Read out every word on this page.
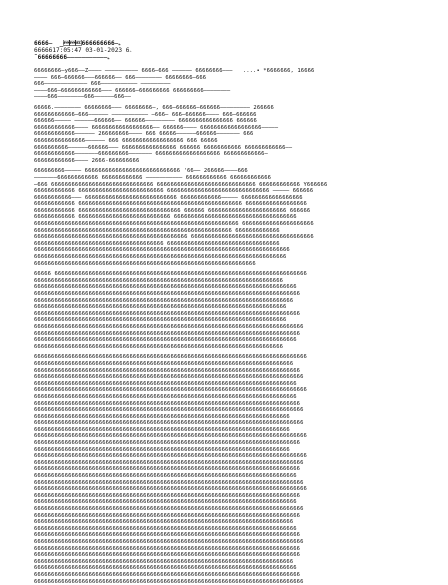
6666̶  ̲66666ۦ6666̶
66666ۦ6 2023-01-03 17:05:47
˜6666ۦ6666̶̶̶̶̶̶̶̶̶̶̶
66666666̶y666̶̶Z̶̶̶̶ ̶̶̶̶̶̶̶̶̶̶ 6666̶666 ̶̶̶̶̶̶ 66666666̶̶̶   ....• *6666666, 16666
̶̶̶̶ 666̶666666̶̶̶666666̶̶ 666̶̶̶̶̶̶̶̶ 66666666̶666
666̶̶̶̶̶̶̶̶̶̶̶̶̶ 666̶̶̶̶̶̶̶̶̶̶̶ ̶̶̶̶̶̶̶̶̶
̶̶̶̶666̶666666666666̶̶̶ 666666̶666666666 666666666̶̶̶̶̶̶̶̶
̶̶̶̶666̶̶̶̶̶̶̶̶666̶̶̶̶̶̶666̶̶
66666.̶̶̶̶̶̶̶̶ 66666666̶̶̶ 66666666̶, 666̶666666̶666666̶̶̶̶̶̶̶̶̶ 266666
666666666666̶666̶̶̶̶̶̶ ̶̶̶̶̶̶̶̶̶̶̶ ̶666̶ 666̶666666̶̶̶̶ 666̶666666
666666̶̶̶̶̶ ̶̶̶̶̶̶666666̶̶ 666666̶̶̶̶̶̶̶̶̶ 6666666666666666 666666
666666666666̶̶̶̶ 666666666666666666̶̶ 666666̶̶̶̶ 666666666666666666̶̶̶̶̶
666666666666̶̶̶̶̶̶ 266666666̶̶̶̶ 666 66666̶̶̶̶̶̶666666̶̶̶̶̶̶̶ 666
666666666666666̶̶̶̶̶̶ 666 666666666666666666 666 66666
6666666666̶̶̶̶̶̶666666̶̶̶ 6666666666666666 666666 66666666666 666666666666̶̶
666666666666̶̶̶̶̶̶̶666666666̶̶̶̶̶̶̶ 6666666666666666666 666666666666̶
666666666666̶̶̶̶ 2666-666666666
666666666̶̶̶̶̶ 6666666666666666666666666666 '66̶̶ 266666̶̶̶̶666
̶̶̶̶̶̶̶666666666666 666666666666 ̶̶̶̶̶̶̶̶̶̶̶ 666666666666 666666666666
̶666 666666666666666666666666666666 66666666666666666666666666666 666666666666 Y666666
666666666666 6666666666666666666666666 666666666666666666666666666666 ̶̶̶̶̶ 666666
66666666666̶̶̶ 666666666666666666666666666 666666666666̶̶̶̶̶ 666666666666666666
666666666666 666666666666666666666666666666666666666666666666 666666666666666666
666666666666 666666666666666666666666666666 666666 66666666666666666666666 666666
666666666666 666666666666666666666666666 666666666666666666666666666666666666
666666666666666666666666666666666666666666666666666666666666 666666666666666666666
6666666666666666666666666666666666666666666666666666666666 6666666666666
666666666666666666666666666666666666666666666 666666666666666666666666666666666666
66666666666666666666666666666666666666 666666666666666666666666666666666
666666666666666666666666666666666666666666666666666666666666666666666666666
66666666666666666666666666666666666666666666666666666666666666666666666666
66666666666666666666666666666666666666666666666666666666666666666
66666 66666666666666666666666666666666666666666666666666666666666666666666666666
6666666666666666666666666666666666666666666666666666666666666666666666666
66666666666666666666666666666666666666666666666666666666666666666666666666666
666666666666666666666666666666666666666666666666666666666666666666666666666666
6666666666666666666666666666666666666666666666666666666666666666666666666666
66666666666666666666666666666666666666666666666666666666666666666666666666
666666666666666666666666666666666666666666666666666666666666666666666666666666
66666666666666666666666666666666666666666666666666666666666666666666666666
6666666666666666666666666666666666666666666666666666666666666666666666666666666
666666666666666666666666666666666666666666666666666666666666666666666666666666
66666666666666666666666666666666666666666666666666666666666666666666666666666
6666666666666666666666666666666666666666666666666666666666666666666666666
66666666666666666666666666666666666666666666666666666666666666666666666666666666
6666666666666666666666666666666666666666666666666666666666666666666666666666
666666666666666666666666666666666666666666666666666666666666666666666666666666
6666666666666666666666666666666666666666666666666666666666666666666666666666666
66666666666666666666666666666666666666666666666666666666666666666666666666666
66666666666666666666666666666666666666666666666666666666666666666666666666666666
66666666666666666666666666666666666666666666666666666666666666666666666666666
666666666666666666666666666666666666666666666666666666666666666666666666666666
6666666666666666666666666666666666666666666666666666666666666666666666666666666
666666666666666666666666666666666666666666666666666666666666666666666666666
6666666666666666666666666666666666666666666666666666666666666666666666666666666
666666666666666666666666666666666666666666666666666666666666666666666666666
66666666666666666666666666666666666666666666666666666666666666666666666666666666
666666666666666666666666666666666666666666666666666666666666666666666666666666
666666666666666666666666666666666666666666666666666666666666666666666666666
66666666666666666666666666666666666666666666666666666666666666666666666666666666
6666666666666666666666666666666666666666666666666666666666666666666666666666666
666666666666666666666666666666666666666666666666666666666666666666666666666666
66666666666666666666666666666666666666666666666666666666666666666666666666666
6666666666666666666666666666666666666666666666666666666666666666666666666666666
66666666666666666666666666666666666666666666666666666666666666666666666666666666
666666666666666666666666666666666666666666666666666666666666666666666666666666
66666666666666666666666666666666666666666666666666666666666666666666666666666
6666666666666666666666666666666666666666666666666666666666666666666666666666666
666666666666666666666666666666666666666666666666666666666666666666666666666666
6666666666666666666666666666666666666666666666666666666666666666666666666666
66666666666666666666666666666666666666666666666666666666666666666666666666666
666666666666666666666666666666666666666666666666666666666666666666666666666666
6666666666666666666666666666666666666666666666666666666666666666666666666666666
666666666666666666666666666666666666666666666666666666666666666666666666666666
666666666666666666666666666666666666666666666666666666666666666666666666666666
6666666666666666666666666666666666666666666666666666666666666666666666666666
66666666666666666666666666666666666666666666666666666666666666666666666666666
666666666666666666666666666666666666666666666666666666666666666666666666666666
6666666666666666666666666666666666666666666666666666666666666666666666666666666
